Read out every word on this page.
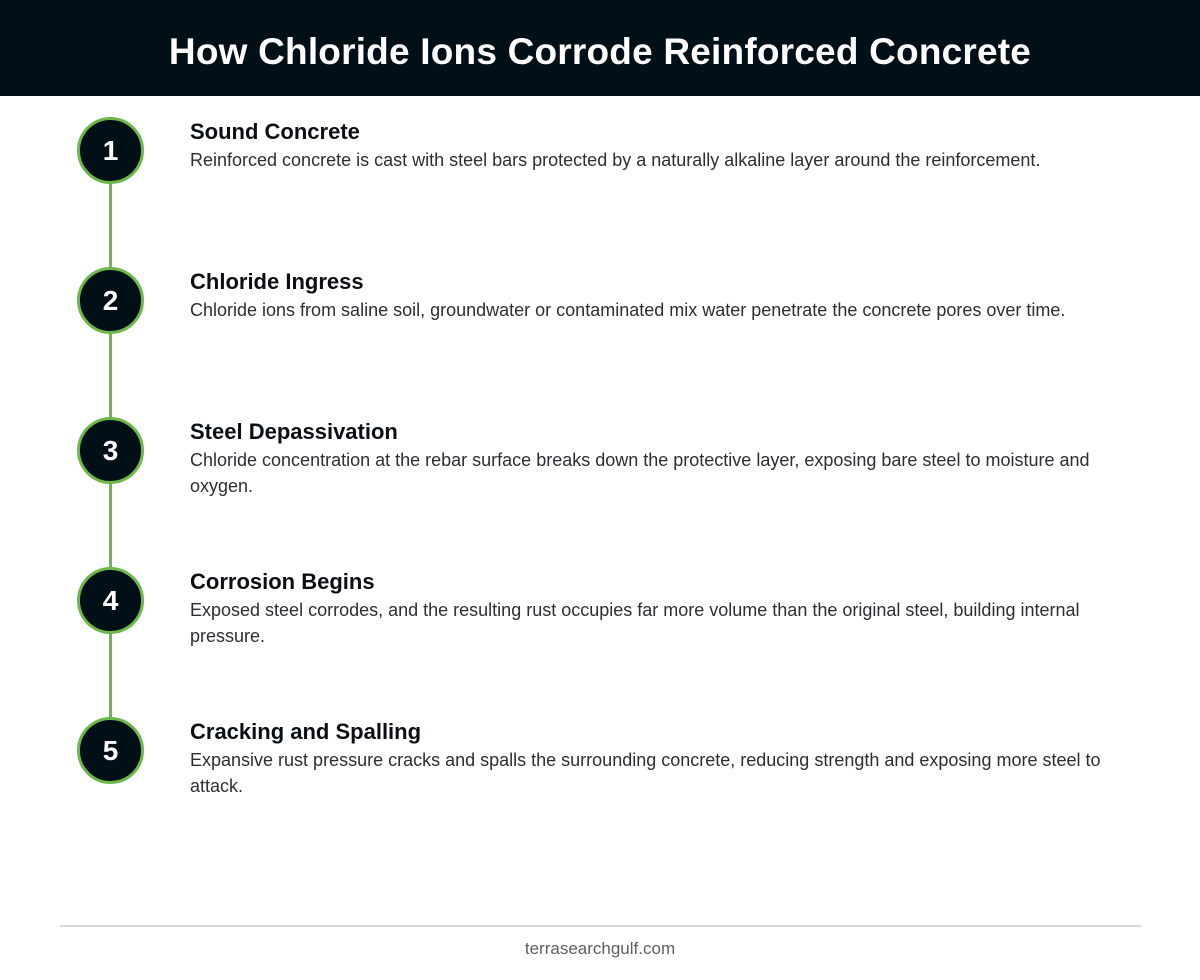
How Chloride Ions Corrode Reinforced Concrete
1
Sound Concrete
Reinforced concrete is cast with steel bars protected by a naturally alkaline layer around the reinforcement.
2
Chloride Ingress
Chloride ions from saline soil, groundwater or contaminated mix water penetrate the concrete pores over time.
3
Steel Depassivation
Chloride concentration at the rebar surface breaks down the protective layer, exposing bare steel to moisture and oxygen.
4
Corrosion Begins
Exposed steel corrodes, and the resulting rust occupies far more volume than the original steel, building internal pressure.
5
Cracking and Spalling
Expansive rust pressure cracks and spalls the surrounding concrete, reducing strength and exposing more steel to attack.
terrasearchgulf.com
